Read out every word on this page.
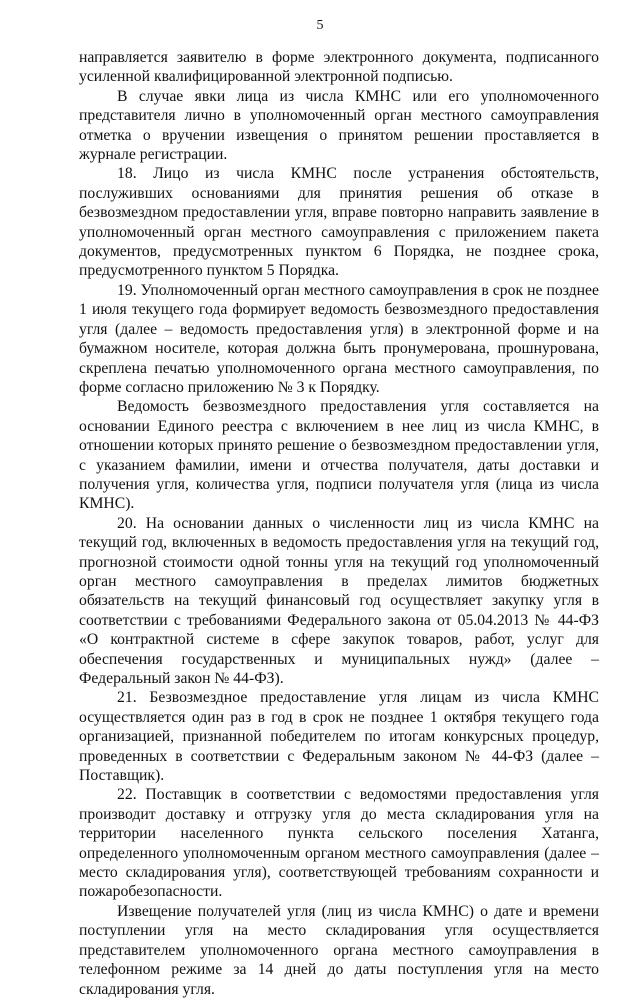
5

направляется заявителю в форме электронного документа, подписанного усиленной квалифицированной электронной подписью.

В случае явки лица из числа КМНС или его уполномоченного представителя лично в уполномоченный орган местного самоуправления отметка о вручении извещения о принятом решении проставляется в журнале регистрации.

18. Лицо из числа КМНС после устранения обстоятельств, послуживших основаниями для принятия решения об отказе в безвозмездном предоставлении угля, вправе повторно направить заявление в уполномоченный орган местного самоуправления с приложением пакета документов, предусмотренных пунктом 6 Порядка, не позднее срока, предусмотренного пунктом 5 Порядка.

19. Уполномоченный орган местного самоуправления в срок не позднее 1 июля текущего года формирует ведомость безвозмездного предоставления угля (далее – ведомость предоставления угля) в электронной форме и на бумажном носителе, которая должна быть пронумерована, прошнурована, скреплена печатью уполномоченного органа местного самоуправления, по форме согласно приложению № 3 к Порядку.

Ведомость безвозмездного предоставления угля составляется на основании Единого реестра с включением в нее лиц из числа КМНС, в отношении которых принято решение о безвозмездном предоставлении угля, с указанием фамилии, имени и отчества получателя, даты доставки и получения угля, количества угля, подписи получателя угля (лица из числа КМНС).

20. На основании данных о численности лиц из числа КМНС на текущий год, включенных в ведомость предоставления угля на текущий год, прогнозной стоимости одной тонны угля на текущий год уполномоченный орган местного самоуправления в пределах лимитов бюджетных обязательств на текущий финансовый год осуществляет закупку угля в соответствии с требованиями Федерального закона от 05.04.2013 № 44-ФЗ «О контрактной системе в сфере закупок товаров, работ, услуг для обеспечения государственных и муниципальных нужд» (далее – Федеральный закон № 44-ФЗ).

21. Безвозмездное предоставление угля лицам из числа КМНС осуществляется один раз в год в срок не позднее 1 октября текущего года организацией, признанной победителем по итогам конкурсных процедур, проведенных в соответствии с Федеральным законом № 44-ФЗ (далее – Поставщик).

22. Поставщик в соответствии с ведомостями предоставления угля производит доставку и отгрузку угля до места складирования угля на территории населенного пункта сельского поселения Хатанга, определенного уполномоченным органом местного самоуправления (далее – место складирования угля), соответствующей требованиям сохранности и пожаробезопасности.

Извещение получателей угля (лиц из числа КМНС) о дате и времени поступлении угля на место складирования угля осуществляется представителем уполномоченного органа местного самоуправления в телефонном режиме за 14 дней до даты поступления угля на место складирования угля.
